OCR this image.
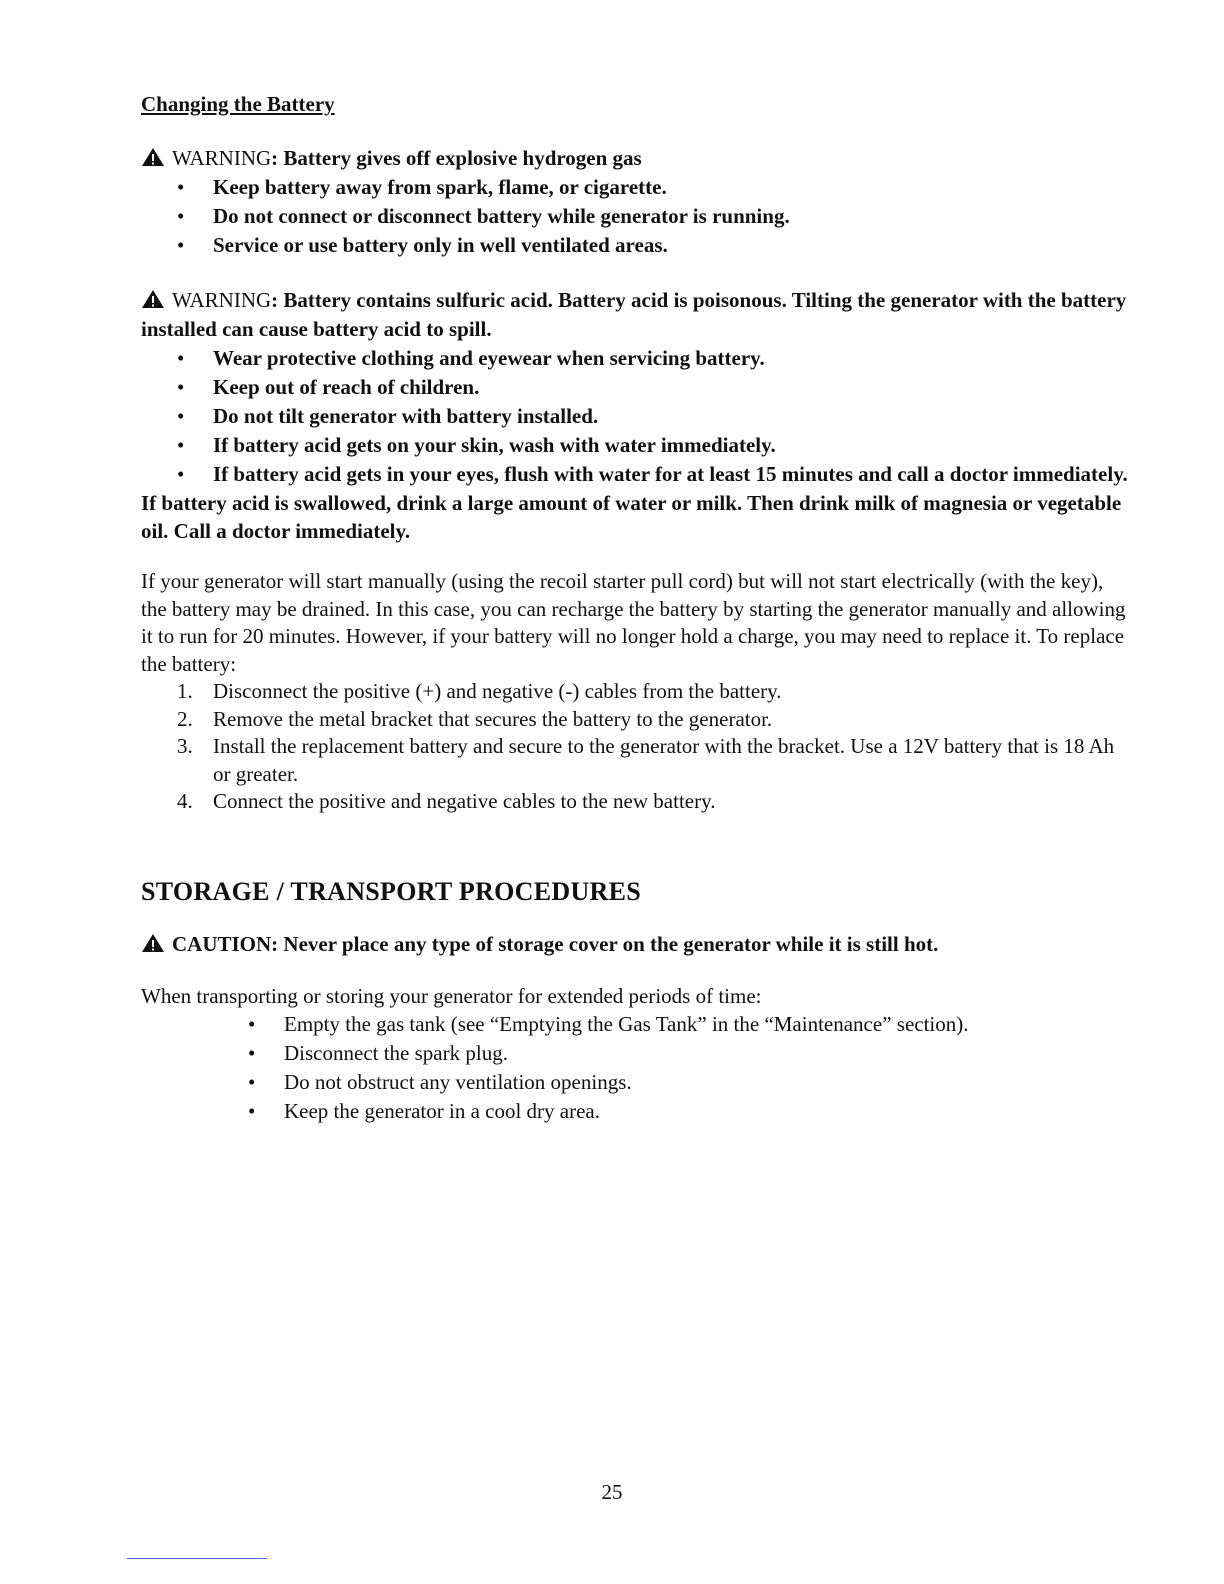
Changing the Battery

WARNING: Battery gives off explosive hydrogen gas

• Keep battery away from spark, flame, or cigarette.
• Do not connect or disconnect battery while generator is running.
• Service or use battery only in well ventilated areas.

WARNING: Battery contains sulfuric acid. Battery acid is poisonous. Tilting the generator with the battery installed can cause battery acid to spill.

• Wear protective clothing and eyewear when servicing battery.
• Keep out of reach of children.
• Do not tilt generator with battery installed.
• If battery acid gets on your skin, wash with water immediately.
• If battery acid gets in your eyes, flush with water for at least 15 minutes and call a doctor immediately.

If battery acid is swallowed, drink a large amount of water or milk. Then drink milk of magnesia or vegetable oil. Call a doctor immediately.

If your generator will start manually (using the recoil starter pull cord) but will not start electrically (with the key), the battery may be drained. In this case, you can recharge the battery by starting the generator manually and allowing it to run for 20 minutes. However, if your battery will no longer hold a charge, you may need to replace it. To replace the battery:

1. Disconnect the positive (+) and negative (-) cables from the battery.
2. Remove the metal bracket that secures the battery to the generator.
3. Install the replacement battery and secure to the generator with the bracket. Use a 12V battery that is 18 Ah or greater.
4. Connect the positive and negative cables to the new battery.
STORAGE / TRANSPORT PROCEDURES

CAUTION: Never place any type of storage cover on the generator while it is still hot.

When transporting or storing your generator for extended periods of time:

• Empty the gas tank (see “Emptying the Gas Tank” in the “Maintenance” section).
• Disconnect the spark plug.
• Do not obstruct any ventilation openings.
• Keep the generator in a cool dry area.
25
